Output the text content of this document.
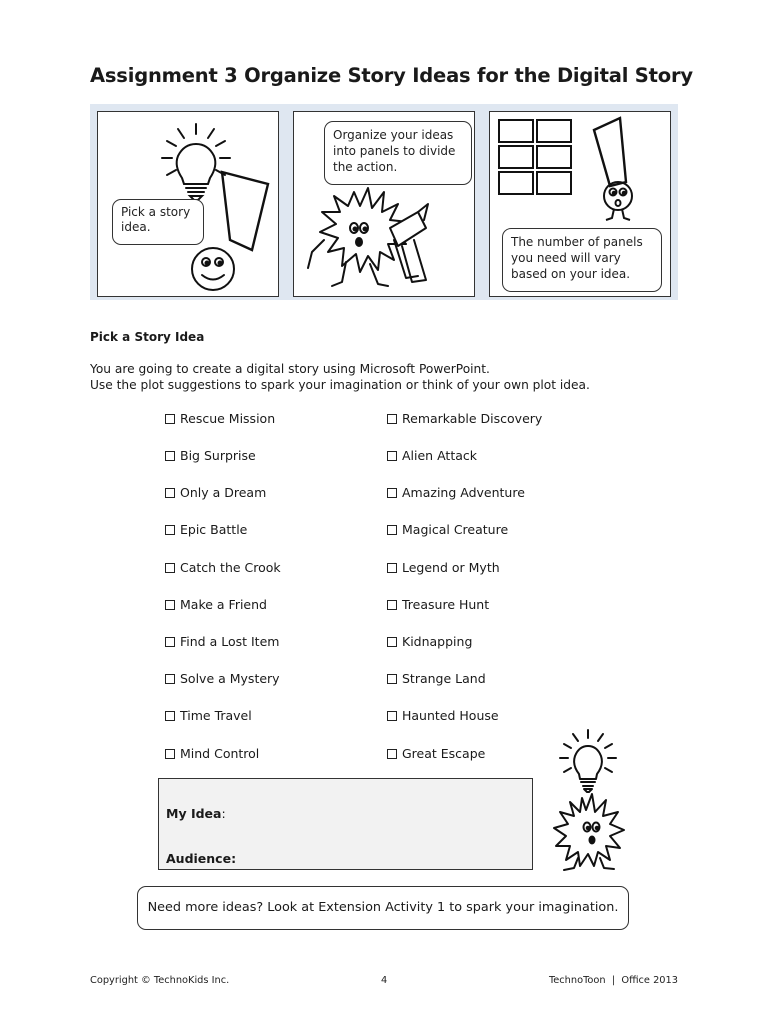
Assignment 3 Organize Story Ideas for the Digital Story
Pick a story idea.
Organize your ideas into panels to divide the action.
The number of panels you need will vary based on your idea.
Pick a Story Idea
You are going to create a digital story using Microsoft PowerPoint.
Use the plot suggestions to spark your imagination or think of your own plot idea.
Rescue Mission
Big Surprise
Only a Dream
Epic Battle
Catch the Crook
Make a Friend
Find a Lost Item
Solve a Mystery
Time Travel
Mind Control
Remarkable Discovery
Alien Attack
Amazing Adventure
Magical Creature
Legend or Myth
Treasure Hunt
Kidnapping
Strange Land
Haunted House
Great Escape
My Idea:
Audience:
Need more ideas? Look at Extension Activity 1 to spark your imagination.
Copyright © TechnoKids Inc.	4	TechnoToon  |  Office 2013
